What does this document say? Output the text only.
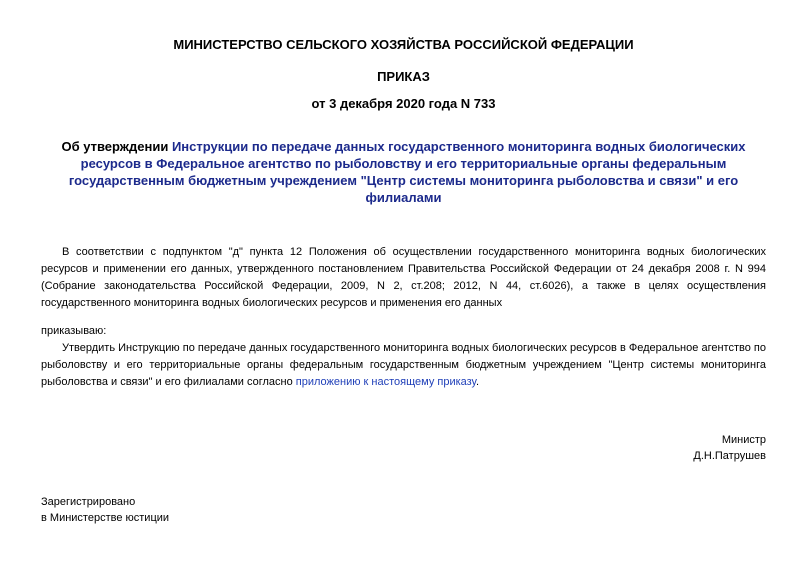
МИНИСТЕРСТВО СЕЛЬСКОГО ХОЗЯЙСТВА РОССИЙСКОЙ ФЕДЕРАЦИИ
ПРИКАЗ
от 3 декабря 2020 года N 733
Об утверждении Инструкции по передаче данных государственного мониторинга водных биологических ресурсов в Федеральное агентство по рыболовству и его территориальные органы федеральным государственным бюджетным учреждением "Центр системы мониторинга рыболовства и связи" и его филиалами
В соответствии с подпунктом "д" пункта 12 Положения об осуществлении государственного мониторинга водных биологических ресурсов и применении его данных, утвержденного постановлением Правительства Российской Федерации от 24 декабря 2008 г. N 994 (Собрание законодательства Российской Федерации, 2009, N 2, ст.208; 2012, N 44, ст.6026), а также в целях осуществления государственного мониторинга водных биологических ресурсов и применения его данных
приказываю:
Утвердить Инструкцию по передаче данных государственного мониторинга водных биологических ресурсов в Федеральное агентство по рыболовству и его территориальные органы федеральным государственным бюджетным учреждением "Центр системы мониторинга рыболовства и связи" и его филиалами согласно приложению к настоящему приказу.
Министр
Д.Н.Патрушев
Зарегистрировано
в Министерстве юстиции
